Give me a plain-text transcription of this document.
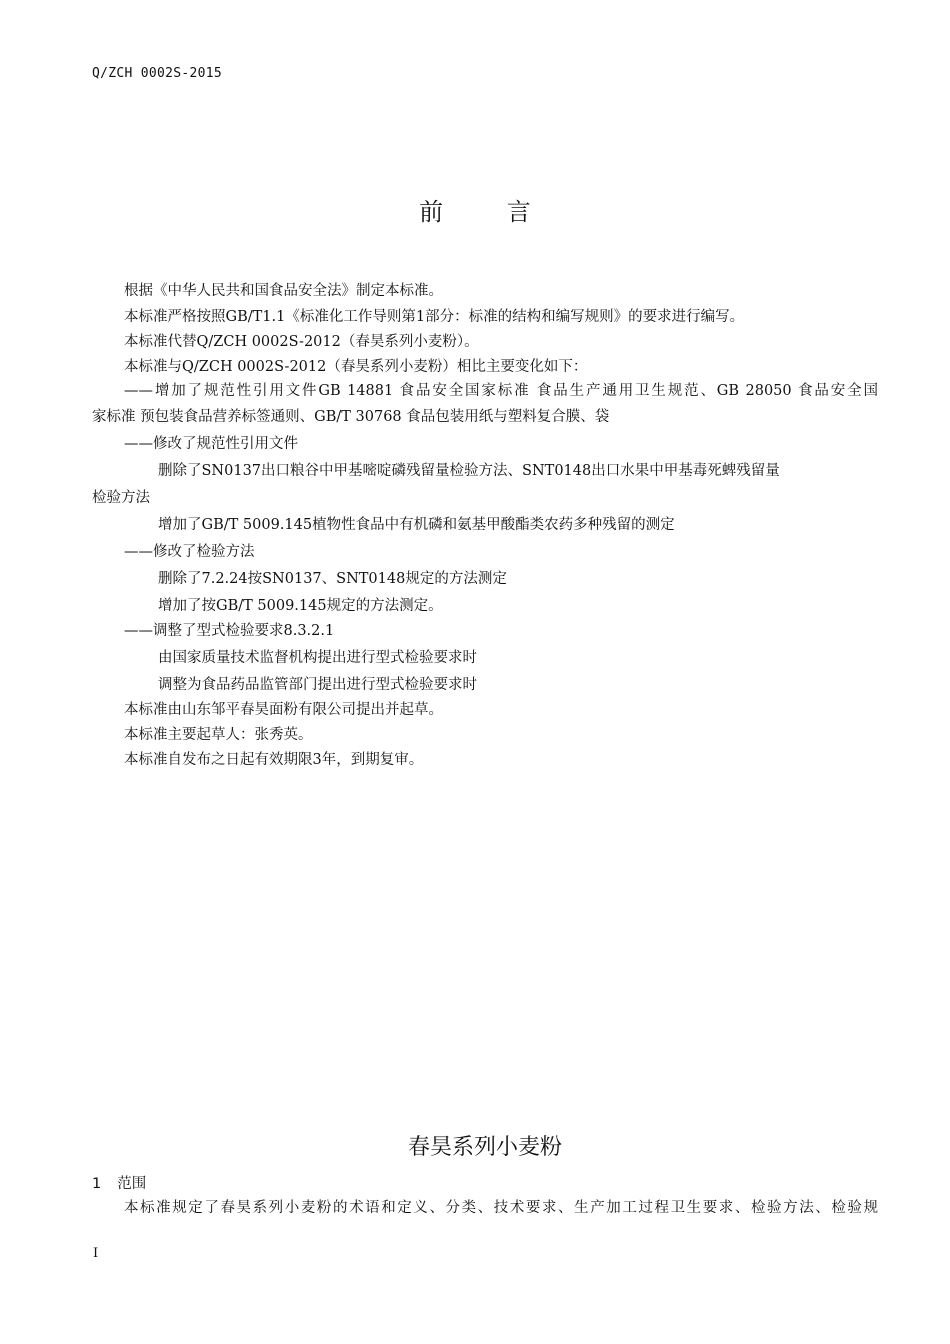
Q/ZCH 0002S-2015
前 言
根据《中华人民共和国食品安全法》制定本标准。
本标准严格按照GB/T1.1《标准化工作导则第1部分：标准的结构和编写规则》的要求进行编写。
本标准代替Q/ZCH 0002S-2012（春昊系列小麦粉）。
本标准与Q/ZCH 0002S-2012（春昊系列小麦粉）相比主要变化如下：
——增加了规范性引用文件GB 14881 食品安全国家标准 食品生产通用卫生规范、GB 28050 食品安全国
家标准 预包装食品营养标签通则、GB/T 30768 食品包装用纸与塑料复合膜、袋
——修改了规范性引用文件
删除了SN0137出口粮谷中甲基嘧啶磷残留量检验方法、SNT0148出口水果中甲基毒死蜱残留量
检验方法
增加了GB/T 5009.145植物性食品中有机磷和氨基甲酸酯类农药多种残留的测定
——修改了检验方法
删除了7.2.24按SN0137、SNT0148规定的方法测定
增加了按GB/T 5009.145规定的方法测定。
——调整了型式检验要求8.3.2.1
由国家质量技术监督机构提出进行型式检验要求时
调整为食品药品监管部门提出进行型式检验要求时
本标准由山东邹平春昊面粉有限公司提出并起草。
本标准主要起草人：张秀英。
本标准自发布之日起有效期限3年，到期复审。
春昊系列小麦粉
1 范围
本标准规定了春昊系列小麦粉的术语和定义、分类、技术要求、生产加工过程卫生要求、检验方法、检验规
I
